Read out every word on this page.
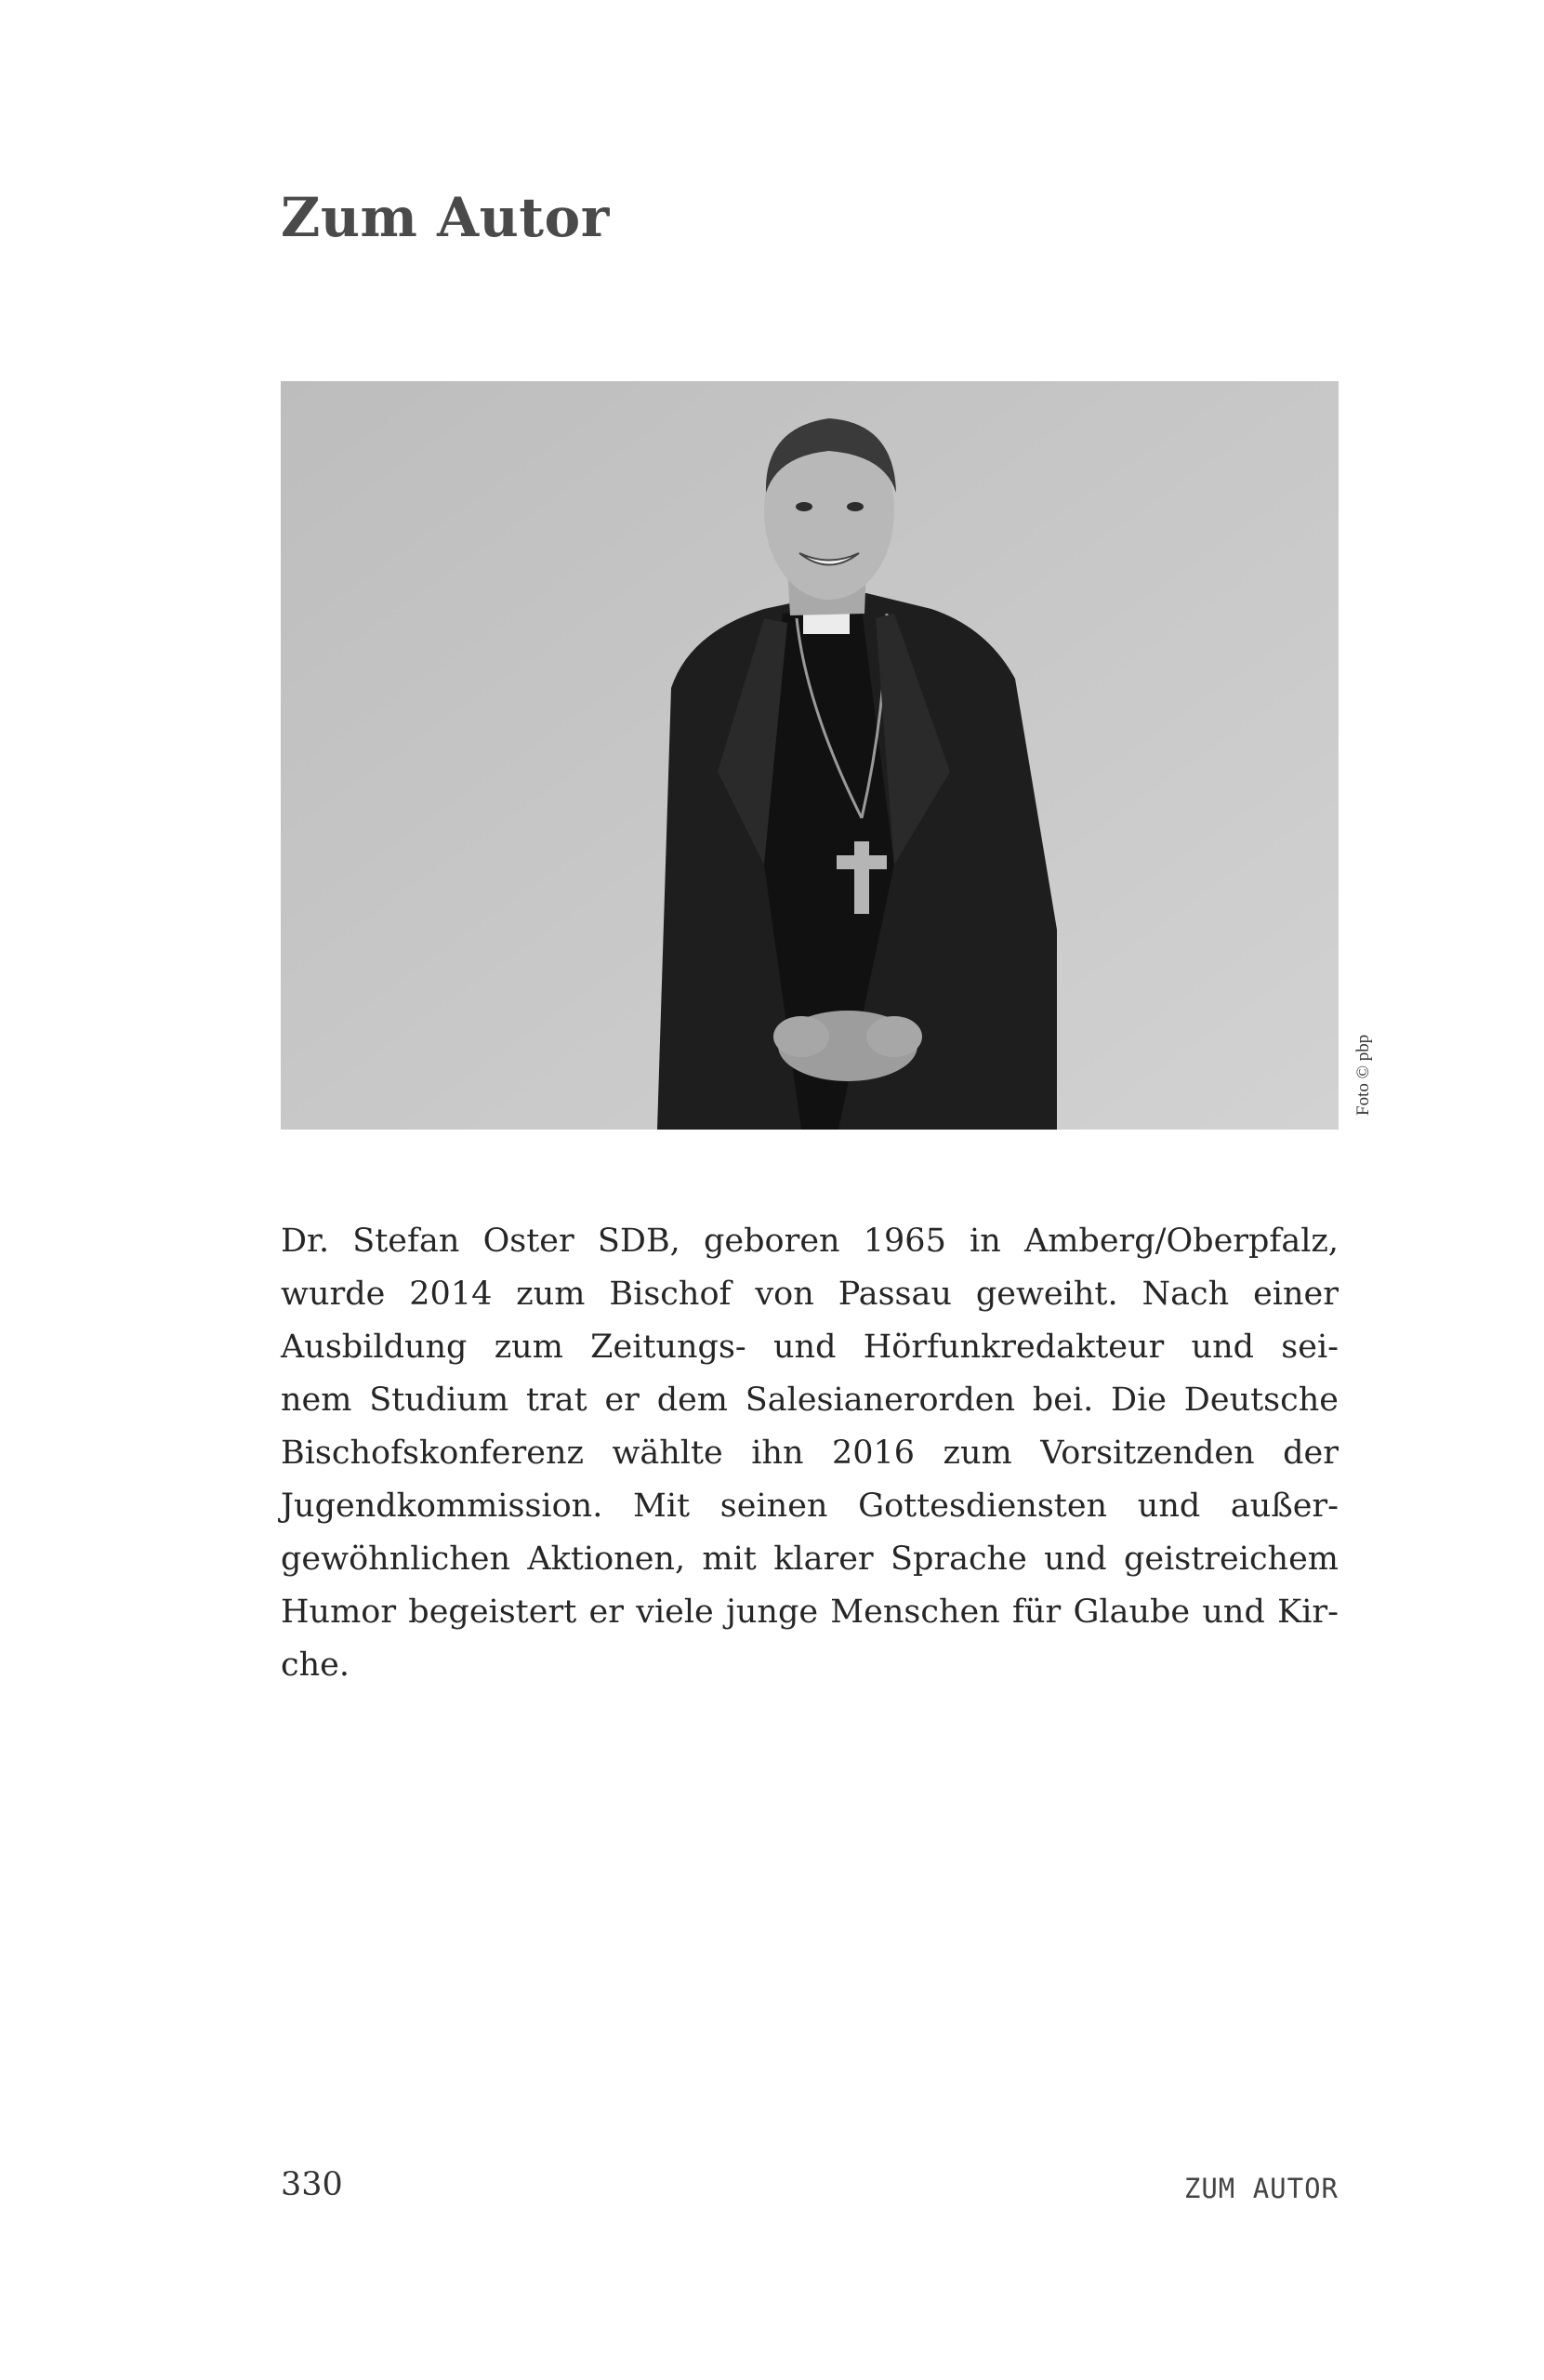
Zum Autor
Foto © pbp

Dr. Stefan Oster SDB, geboren 1965 in Amberg/Oberpfalz,
wurde 2014 zum Bischof von Passau geweiht. Nach einer
Ausbildung zum Zeitungs- und Hörfunkredakteur und sei-
nem Studium trat er dem Salesianerorden bei. Die Deutsche
Bischofskonferenz wählte ihn 2016 zum Vorsitzenden der
Jugendkommission. Mit seinen Gottesdiensten und außer-
gewöhnlichen Aktionen, mit klarer Sprache und geistreichem
Humor begeistert er viele junge Menschen für Glaube und Kir-
che.

330	ZUM AUTOR
